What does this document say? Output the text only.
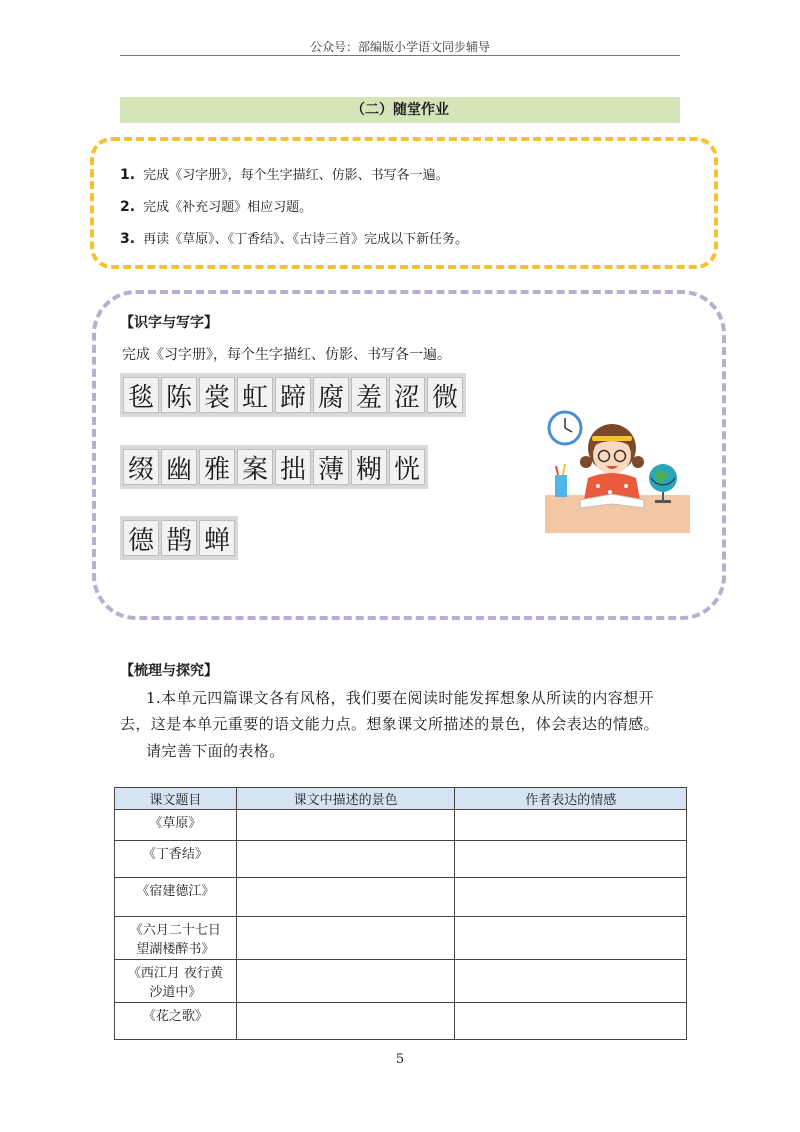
公众号：部编版小学语文同步辅导
（二）随堂作业
1. 完成《习字册》，每个生字描红、仿影、书写各一遍。
2. 完成《补充习题》相应习题。
3. 再读《草原》、《丁香结》、《古诗三首》完成以下新任务。
【识字与写字】
完成《习字册》，每个生字描红、仿影、书写各一遍。
毯 陈 裳 虹 蹄 腐 羞 涩 微
缀 幽 雅 案 拙 薄 糊 恍
德 鹊 蝉
【梳理与探究】
1.本单元四篇课文各有风格，我们要在阅读时能发挥想象从所读的内容想开
去，这是本单元重要的语文能力点。想象课文所描述的景色，体会表达的情感。
请完善下面的表格。
课文题目	课文中描述的景色	作者表达的情感

《草原》		

《丁香结》		

《宿建德江》		

《六月二十七日
望湖楼醉书》		

《西江月 夜行黄
沙道中》		

《花之歌》		

5
